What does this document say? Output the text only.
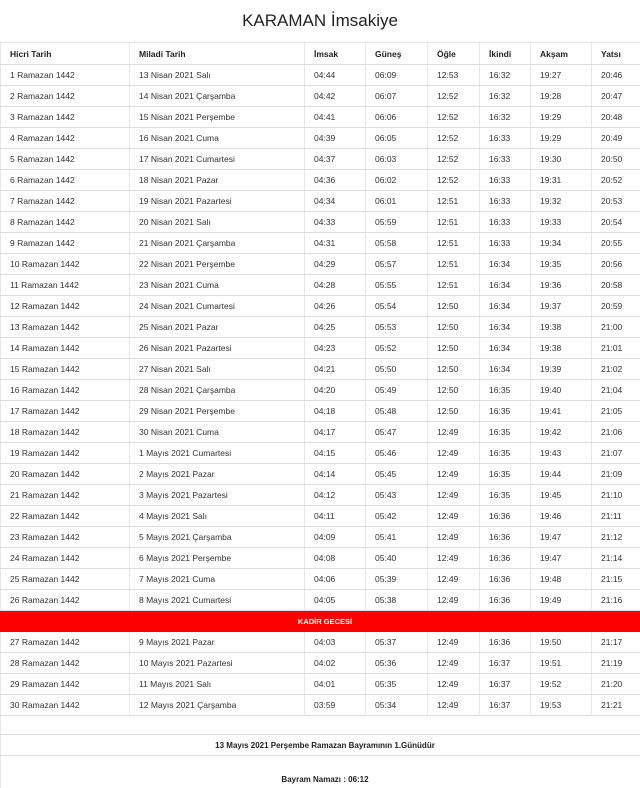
KARAMAN İmsakiye
Hicri Tarih	Miladi Tarih	İmsak	Güneş	Öğle	İkindi	Akşam	Yatsı
1 Ramazan 1442	13 Nisan 2021 Salı	04:44	06:09	12:53	16:32	19:27	20:46
2 Ramazan 1442	14 Nisan 2021 Çarşamba	04:42	06:07	12:52	16:32	19:28	20:47
3 Ramazan 1442	15 Nisan 2021 Perşembe	04:41	06:06	12:52	16:32	19:29	20:48
4 Ramazan 1442	16 Nisan 2021 Cuma	04:39	06:05	12:52	16:33	19:29	20:49
5 Ramazan 1442	17 Nisan 2021 Cumartesi	04:37	06:03	12:52	16:33	19:30	20:50
6 Ramazan 1442	18 Nisan 2021 Pazar	04:36	06:02	12:52	16:33	19:31	20:52
7 Ramazan 1442	19 Nisan 2021 Pazartesi	04:34	06:01	12:51	16:33	19:32	20:53
8 Ramazan 1442	20 Nisan 2021 Salı	04:33	05:59	12:51	16:33	19:33	20:54
9 Ramazan 1442	21 Nisan 2021 Çarşamba	04:31	05:58	12:51	16:33	19:34	20:55
10 Ramazan 1442	22 Nisan 2021 Perşembe	04:29	05:57	12:51	16:34	19:35	20:56
11 Ramazan 1442	23 Nisan 2021 Cuma	04:28	05:55	12:51	16:34	19:36	20:58
12 Ramazan 1442	24 Nisan 2021 Cumartesi	04:26	05:54	12:50	16:34	19:37	20:59
13 Ramazan 1442	25 Nisan 2021 Pazar	04:25	05:53	12:50	16:34	19:38	21:00
14 Ramazan 1442	26 Nisan 2021 Pazartesi	04:23	05:52	12:50	16:34	19:38	21:01
15 Ramazan 1442	27 Nisan 2021 Salı	04:21	05:50	12:50	16:34	19:39	21:02
16 Ramazan 1442	28 Nisan 2021 Çarşamba	04:20	05:49	12:50	16:35	19:40	21:04
17 Ramazan 1442	29 Nisan 2021 Perşembe	04:18	05:48	12:50	16:35	19:41	21:05
18 Ramazan 1442	30 Nisan 2021 Cuma	04:17	05:47	12:49	16:35	19:42	21:06
19 Ramazan 1442	1 Mayıs 2021 Cumartesi	04:15	05:46	12:49	16:35	19:43	21:07
20 Ramazan 1442	2 Mayıs 2021 Pazar	04:14	05:45	12:49	16:35	19:44	21:09
21 Ramazan 1442	3 Mayıs 2021 Pazartesi	04:12	05:43	12:49	16:35	19:45	21:10
22 Ramazan 1442	4 Mayıs 2021 Salı	04:11	05:42	12:49	16:36	19:46	21:11
23 Ramazan 1442	5 Mayıs 2021 Çarşamba	04:09	05:41	12:49	16:36	19:47	21:12
24 Ramazan 1442	6 Mayıs 2021 Perşembe	04:08	05:40	12:49	16:36	19:47	21:14
25 Ramazan 1442	7 Mayıs 2021 Cuma	04:06	05:39	12:49	16:36	19:48	21:15
26 Ramazan 1442	8 Mayıs 2021 Cumartesi	04:05	05:38	12:49	16:36	19:49	21:16
KADİR GECESİ							
27 Ramazan 1442	9 Mayıs 2021 Pazar	04:03	05:37	12:49	16:36	19:50	21:17
28 Ramazan 1442	10 Mayıs 2021 Pazartesi	04:02	05:36	12:49	16:37	19:51	21:19
29 Ramazan 1442	11 Mayıs 2021 Salı	04:01	05:35	12:49	16:37	19:52	21:20
30 Ramazan 1442	12 Mayıs 2021 Çarşamba	03:59	05:34	12:49	16:37	19:53	21:21

13 Mayıs 2021 Perşembe Ramazan Bayramının 1.Günüdür							

Bayram Namazı : 06:12							
